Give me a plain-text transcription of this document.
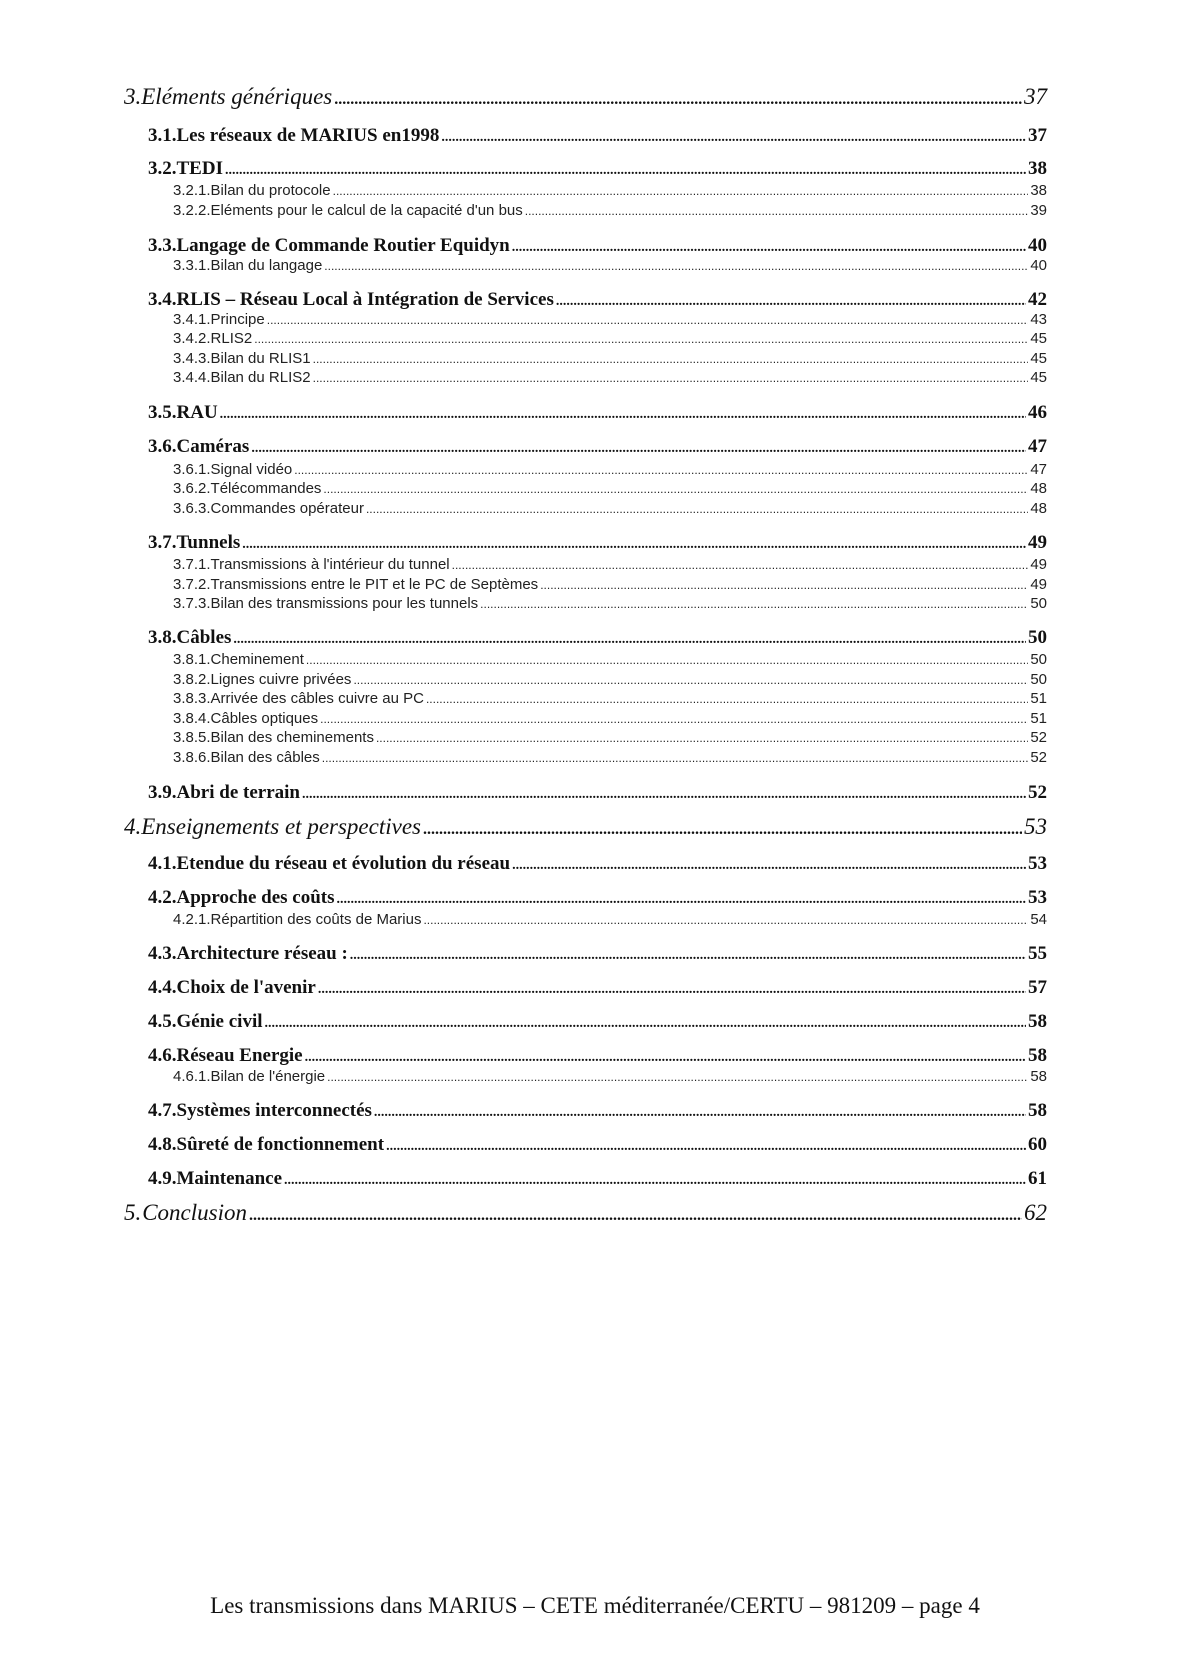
3. Eléments génériques .....	37
3.1. Les réseaux de MARIUS en1998 .....	37
3.2. TEDI .....	38
3.2.1. Bilan du protocole .....	38
3.2.2. Eléments pour le calcul de la capacité d'un bus .....	39
3.3. Langage de Commande Routier Equidyn .....	40
3.3.1. Bilan du langage .....	40
3.4. RLIS – Réseau Local à Intégration de Services .....	42
3.4.1. Principe .....	43
3.4.2. RLIS2 .....	45
3.4.3. Bilan du RLIS1 .....	45
3.4.4. Bilan du RLIS2 .....	45
3.5. RAU .....	46
3.6. Caméras .....	47
3.6.1. Signal vidéo .....	47
3.6.2. Télécommandes .....	48
3.6.3. Commandes opérateur .....	48
3.7. Tunnels .....	49
3.7.1. Transmissions à l'intérieur du tunnel .....	49
3.7.2. Transmissions entre le PIT et le PC de Septèmes .....	49
3.7.3. Bilan des transmissions pour les tunnels .....	50
3.8. Câbles .....	50
3.8.1. Cheminement .....	50
3.8.2. Lignes cuivre privées .....	50
3.8.3. Arrivée des câbles cuivre au PC .....	51
3.8.4. Câbles optiques .....	51
3.8.5. Bilan des cheminements .....	52
3.8.6. Bilan des câbles .....	52
3.9. Abri de terrain .....	52
4. Enseignements et perspectives .....	53
4.1. Etendue du réseau et évolution du réseau .....	53
4.2. Approche des coûts .....	53
4.2.1. Répartition des coûts de Marius .....	54
4.3. Architecture réseau : .....	55
4.4. Choix de l'avenir .....	57
4.5. Génie civil .....	58
4.6. Réseau Energie .....	58
4.6.1. Bilan de l'énergie .....	58
4.7. Systèmes interconnectés .....	58
4.8. Sûreté de fonctionnement .....	60
4.9. Maintenance .....	61
5. Conclusion .....	62
Les transmissions dans MARIUS – CETE méditerranée/CERTU – 981209 – page 4
